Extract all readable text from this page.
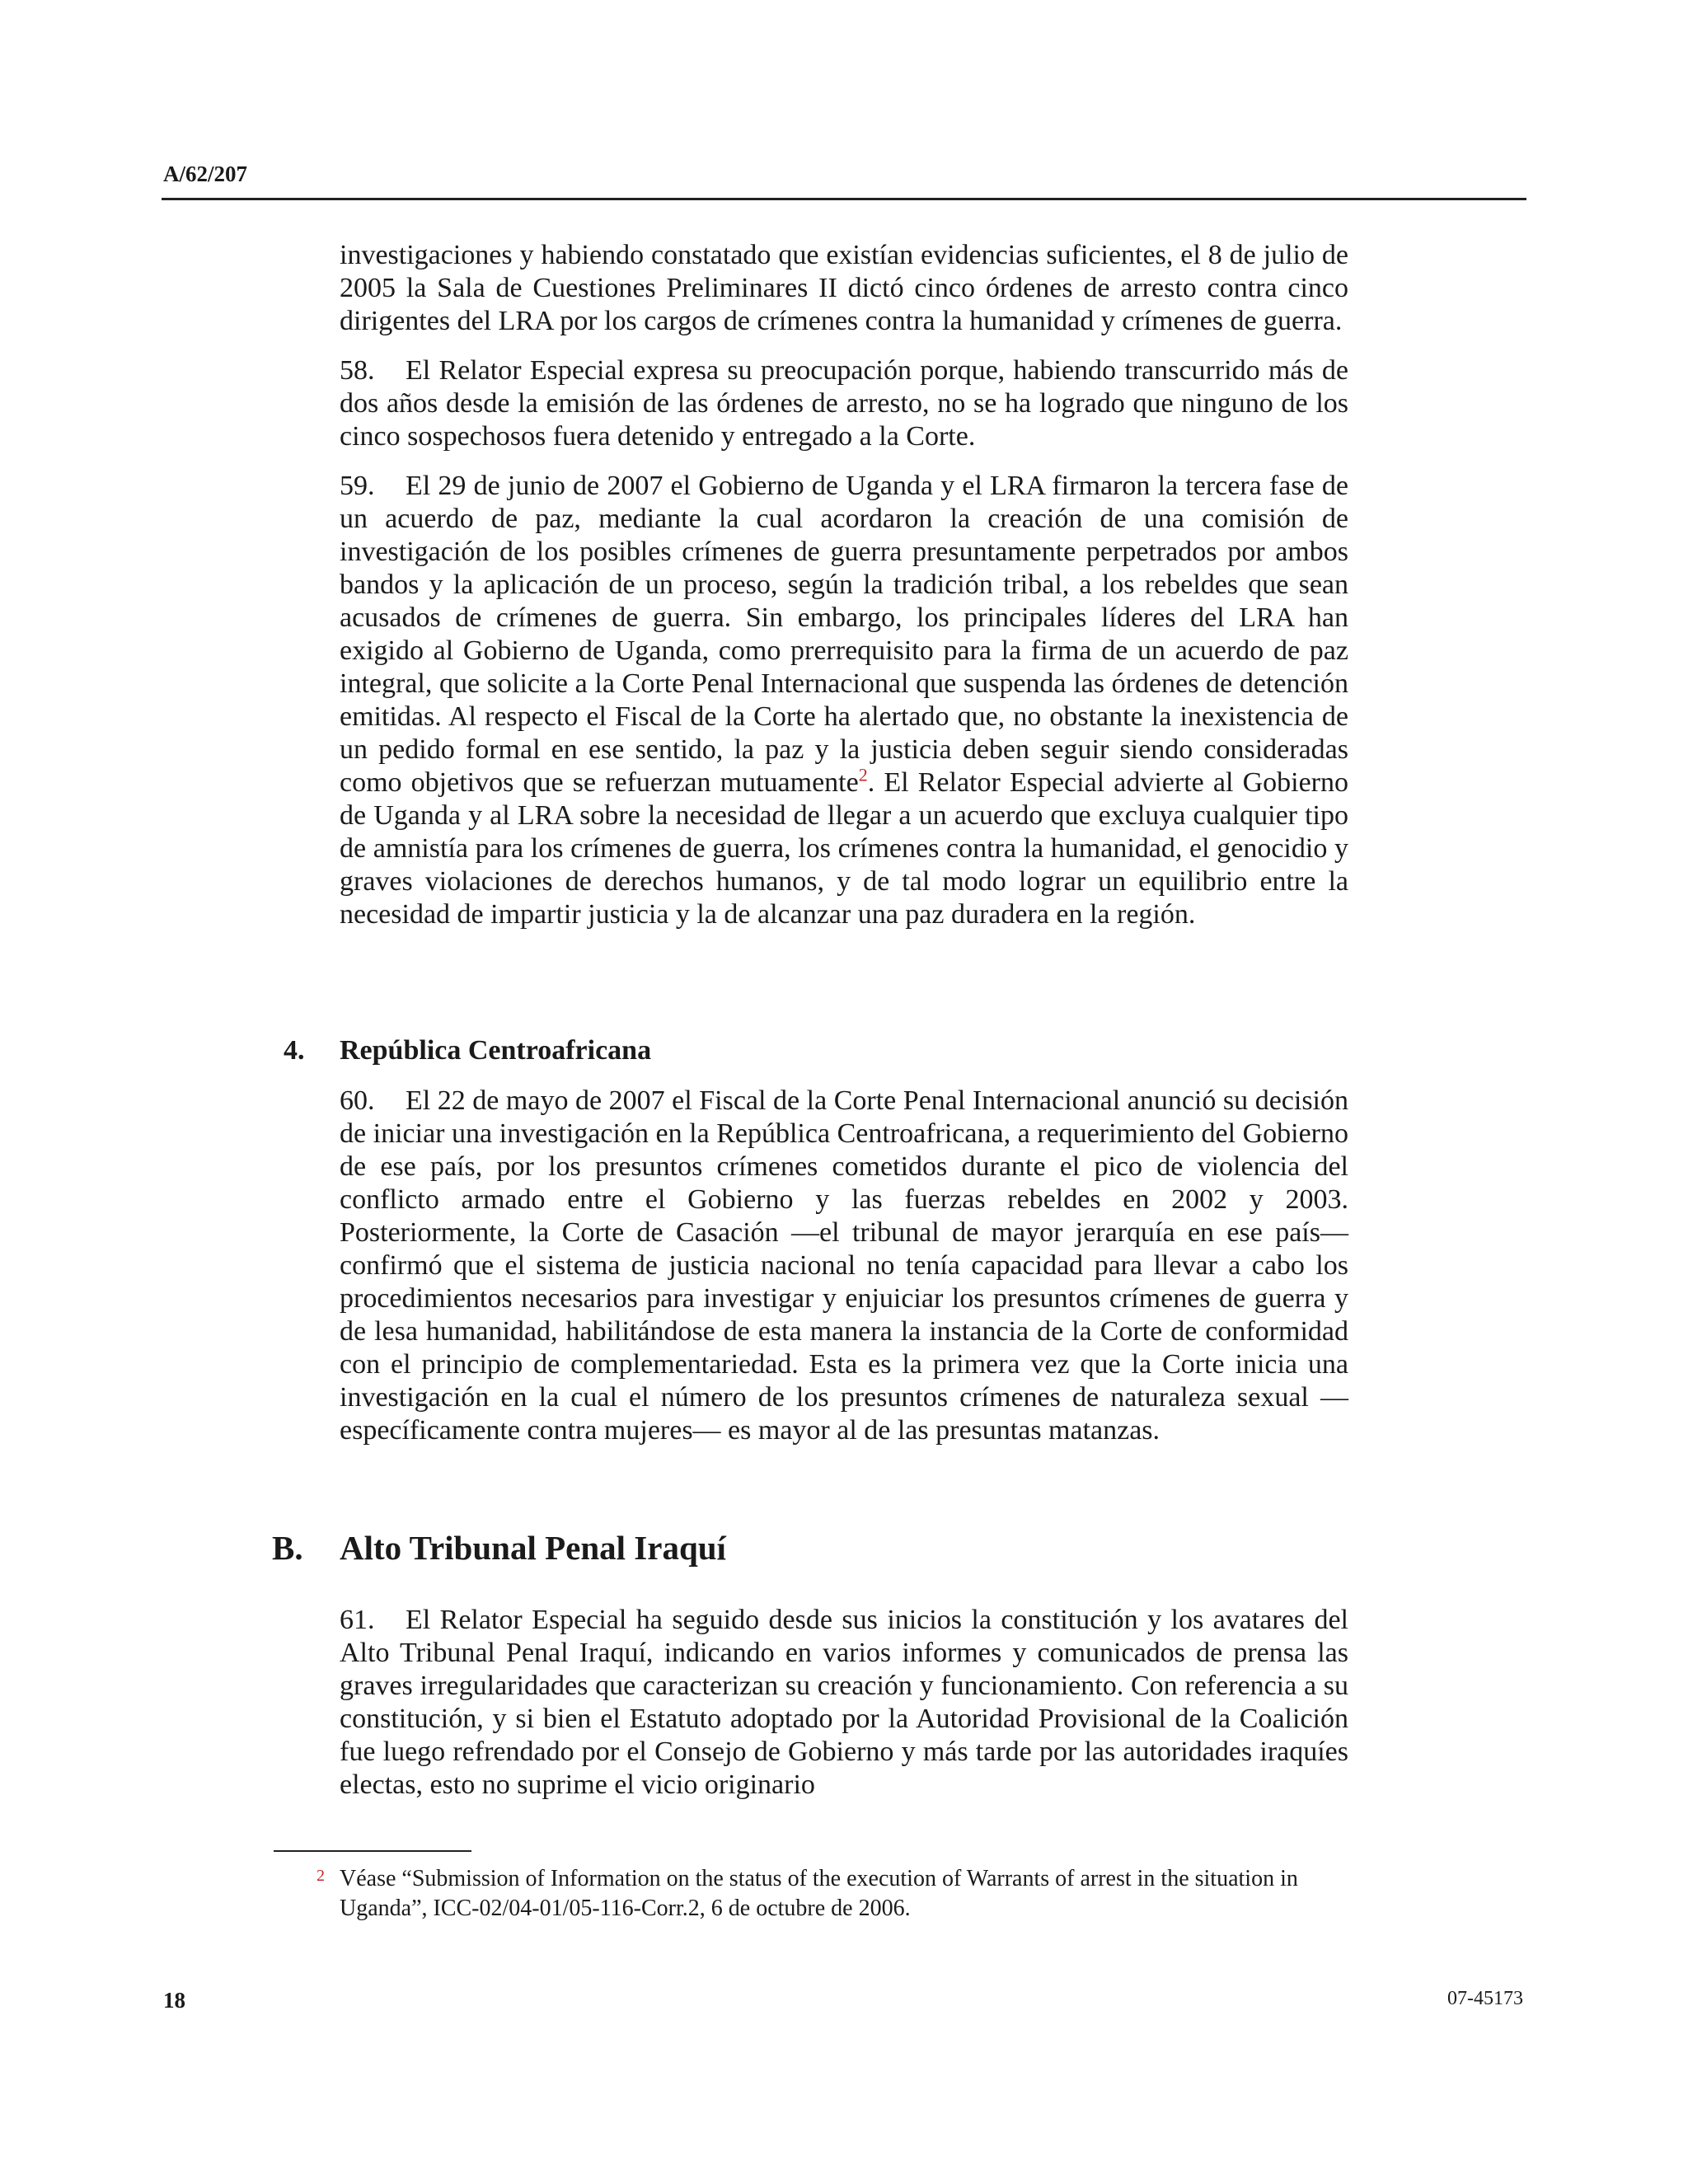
A/62/207

investigaciones y habiendo constatado que existían evidencias suficientes, el 8 de julio de 2005 la Sala de Cuestiones Preliminares II dictó cinco órdenes de arresto contra cinco dirigentes del LRA por los cargos de crímenes contra la humanidad y crímenes de guerra.

58. El Relator Especial expresa su preocupación porque, habiendo transcurrido más de dos años desde la emisión de las órdenes de arresto, no se ha logrado que ninguno de los cinco sospechosos fuera detenido y entregado a la Corte.

59. El 29 de junio de 2007 el Gobierno de Uganda y el LRA firmaron la tercera fase de un acuerdo de paz, mediante la cual acordaron la creación de una comisión de investigación de los posibles crímenes de guerra presuntamente perpetrados por ambos bandos y la aplicación de un proceso, según la tradición tribal, a los rebeldes que sean acusados de crímenes de guerra. Sin embargo, los principales líderes del LRA han exigido al Gobierno de Uganda, como prerrequisito para la firma de un acuerdo de paz integral, que solicite a la Corte Penal Internacional que suspenda las órdenes de detención emitidas. Al respecto el Fiscal de la Corte ha alertado que, no obstante la inexistencia de un pedido formal en ese sentido, la paz y la justicia deben seguir siendo consideradas como objetivos que se refuerzan mutuamente$^2$. El Relator Especial advierte al Gobierno de Uganda y al LRA sobre la necesidad de llegar a un acuerdo que excluya cualquier tipo de amnistía para los crímenes de guerra, los crímenes contra la humanidad, el genocidio y graves violaciones de derechos humanos, y de tal modo lograr un equilibrio entre la necesidad de impartir justicia y la de alcanzar una paz duradera en la región.

4. República Centroafricana

60. El 22 de mayo de 2007 el Fiscal de la Corte Penal Internacional anunció su decisión de iniciar una investigación en la República Centroafricana, a requerimiento del Gobierno de ese país, por los presuntos crímenes cometidos durante el pico de violencia del conflicto armado entre el Gobierno y las fuerzas rebeldes en 2002 y 2003. Posteriormente, la Corte de Casación —el tribunal de mayor jerarquía en ese país— confirmó que el sistema de justicia nacional no tenía capacidad para llevar a cabo los procedimientos necesarios para investigar y enjuiciar los presuntos crímenes de guerra y de lesa humanidad, habilitándose de esta manera la instancia de la Corte de conformidad con el principio de complementariedad. Esta es la primera vez que la Corte inicia una investigación en la cual el número de los presuntos crímenes de naturaleza sexual —específicamente contra mujeres— es mayor al de las presuntas matanzas.

B. Alto Tribunal Penal Iraquí

61. El Relator Especial ha seguido desde sus inicios la constitución y los avatares del Alto Tribunal Penal Iraquí, indicando en varios informes y comunicados de prensa las graves irregularidades que caracterizan su creación y funcionamiento. Con referencia a su constitución, y si bien el Estatuto adoptado por la Autoridad Provisional de la Coalición fue luego refrendado por el Consejo de Gobierno y más tarde por las autoridades iraquíes electas, esto no suprime el vicio originario

2 Véase “Submission of Information on the status of the execution of Warrants of arrest in the situation in Uganda”, ICC-02/04-01/05-116-Corr.2, 6 de octubre de 2006.
18	07-45173
